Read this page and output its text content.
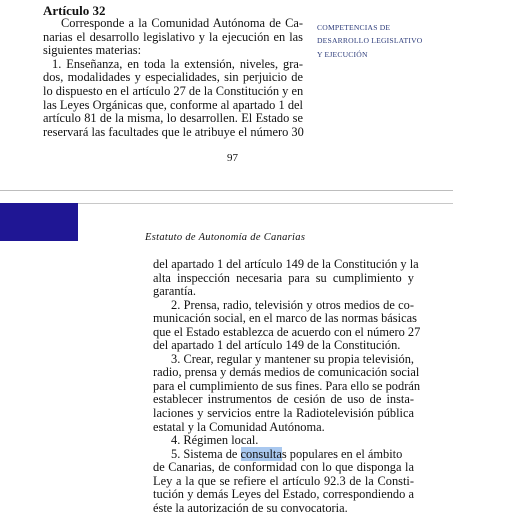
Artículo 32
Corresponde a la Comunidad Autónoma de Ca-
narias el desarrollo legislativo y la ejecución en las
siguientes materias:
1. Enseñanza, en toda la extensión, niveles, gra-
dos, modalidades y especialidades, sin perjuicio de
lo dispuesto en el artículo 27 de la Constitución y en
las Leyes Orgánicas que, conforme al apartado 1 del
artículo 81 de la misma, lo desarrollen. El Estado se
reservará las facultades que le atribuye el número 30
COMPETENCIAS DE
DESARROLLO LEGISLATIVO
Y EJECUCIÓN
97
Estatuto de Autonomía de Canarias
del apartado 1 del artículo 149 de la Constitución y la
alta inspección necesaria para su cumplimiento y
garantía.
2. Prensa, radio, televisión y otros medios de co-
municación social, en el marco de las normas básicas
que el Estado establezca de acuerdo con el número 27
del apartado 1 del artículo 149 de la Constitución.
3. Crear, regular y mantener su propia televisión,
radio, prensa y demás medios de comunicación social
para el cumplimiento de sus fines. Para ello se podrán
establecer instrumentos de cesión de uso de insta-
laciones y servicios entre la Radiotelevisión pública
estatal y la Comunidad Autónoma.
4. Régimen local.
5. Sistema de consultas populares en el ámbito
de Canarias, de conformidad con lo que disponga la
Ley a la que se refiere el artículo 92.3 de la Consti-
tución y demás Leyes del Estado, correspondiendo a
éste la autorización de su convocatoria.
